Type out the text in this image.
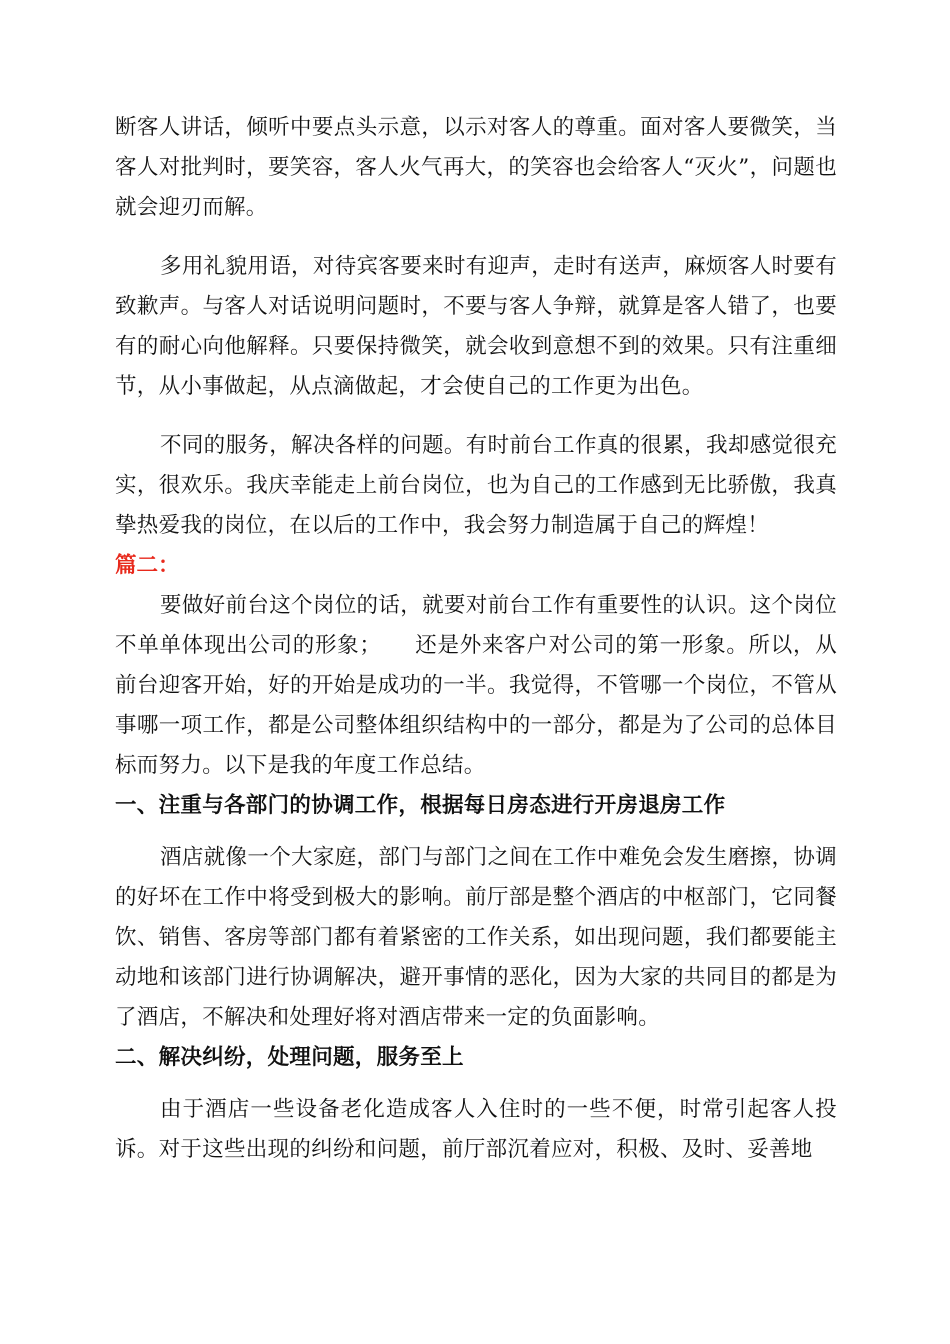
断客人讲话，倾听中要点头示意，以示对客人的尊重。面对客人要微笑，当客人对批判时，要笑容，客人火气再大，的笑容也会给客人“灭火”，问题也就会迎刃而解。

多用礼貌用语，对待宾客要来时有迎声，走时有送声，麻烦客人时要有致歉声。与客人对话说明问题时，不要与客人争辩，就算是客人错了，也要有的耐心向他解释。只要保持微笑，就会收到意想不到的效果。只有注重细节，从小事做起，从点滴做起，才会使自己的工作更为出色。

不同的服务，解决各样的问题。有时前台工作真的很累，我却感觉很充实，很欢乐。我庆幸能走上前台岗位，也为自己的工作感到无比骄傲，我真挚热爱我的岗位，在以后的工作中，我会努力制造属于自己的辉煌！

篇二：

要做好前台这个岗位的话，就要对前台工作有重要性的认识。这个岗位不单单体现出公司的形象；　　还是外来客户对公司的第一形象。所以，从前台迎客开始，好的开始是成功的一半。我觉得，不管哪一个岗位，不管从事哪一项工作，都是公司整体组织结构中的一部分，都是为了公司的总体目标而努力。以下是我的年度工作总结。

一、注重与各部门的协调工作，根据每日房态进行开房退房工作

酒店就像一个大家庭，部门与部门之间在工作中难免会发生磨擦，协调的好坏在工作中将受到极大的影响。前厅部是整个酒店的中枢部门，它同餐饮、销售、客房等部门都有着紧密的工作关系，如出现问题，我们都要能主动地和该部门进行协调解决，避开事情的恶化，因为大家的共同目的都是为了酒店，不解决和处理好将对酒店带来一定的负面影响。

二、解决纠纷，处理问题，服务至上

由于酒店一些设备老化造成客人入住时的一些不便，时常引起客人投诉。对于这些出现的纠纷和问题，前厅部沉着应对，积极、及时、妥善地
